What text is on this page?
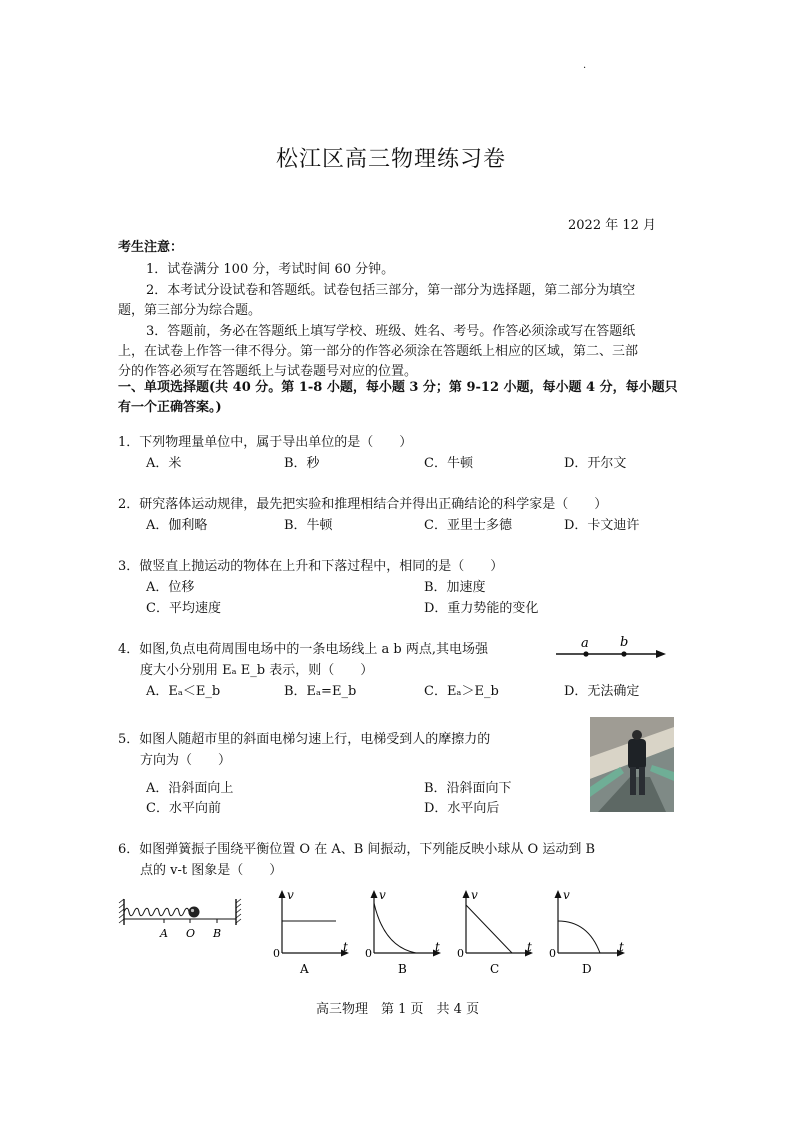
.
松江区高三物理练习卷
2022 年 12 月
考生注意：
1．试卷满分 100 分，考试时间 60 分钟。
2．本考试分设试卷和答题纸。试卷包括三部分，第一部分为选择题，第二部分为填空
题，第三部分为综合题。
3．答题前，务必在答题纸上填写学校、班级、姓名、考号。作答必须涂或写在答题纸
上，在试卷上作答一律不得分。第一部分的作答必须涂在答题纸上相应的区域，第二、三部
分的作答必须写在答题纸上与试卷题号对应的位置。
一、单项选择题(共 40 分。第 1-8 小题，每小题 3 分；第 9-12 小题，每小题 4 分，每小题只
有一个正确答案。)
1．下列物理量单位中，属于导出单位的是（　　）
A．米	B．秒	C．牛顿	D．开尔文
2．研究落体运动规律，最先把实验和推理相结合并得出正确结论的科学家是（　　）
A．伽利略	B．牛顿	C．亚里士多德	D．卡文迪许
3．做竖直上抛运动的物体在上升和下落过程中，相同的是（　　）
A．位移	B．加速度
C．平均速度	D．重力势能的变化
4．如图,负点电荷周围电场中的一条电场线上 a b 两点,其电场强
度大小分别用 Eₐ E_b 表示，则（　　）
A．Eₐ＜E_b	B．Eₐ=E_b	C．Eₐ＞E_b	D．无法确定
a b
5．如图人随超市里的斜面电梯匀速上行，电梯受到人的摩擦力的
方向为（　　）
A．沿斜面向上	B．沿斜面向下
C．水平向前	D．水平向后
6．如图弹簧振子围绕平衡位置 O 在 A、B 间振动，下列能反映小球从 O 运动到 B
点的 v-t 图象是（　　）
A O B
v
t
0
A
v
t
0
B
v
t
0
C
v
t
0
D
高三物理　第 1 页　共 4 页
